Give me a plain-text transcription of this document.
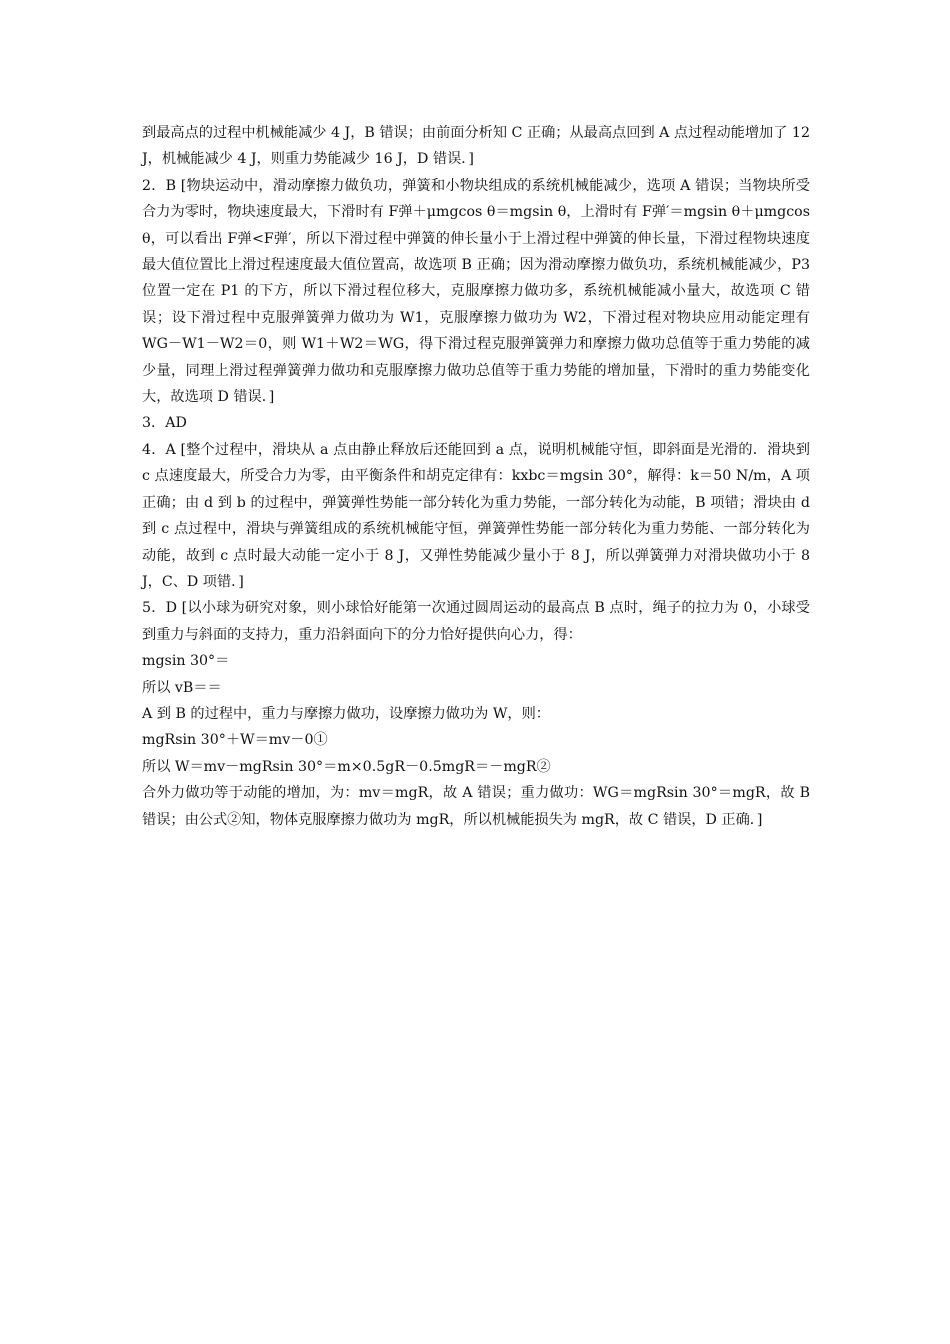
到最高点的过程中机械能减少 4 J，B 错误；由前面分析知 C 正确；从最高点回到 A 点过程动能增加了 12 J，机械能减少 4 J，则重力势能减少 16 J，D 错误．]

2．B [物块运动中，滑动摩擦力做负功，弹簧和小物块组成的系统机械能减少，选项 A 错误；当物块所受合力为零时，物块速度最大，下滑时有 F弹＋μmgcos θ＝mgsin θ，上滑时有 F弹′＝mgsin θ＋μmgcos θ，可以看出 F弹<F弹′，所以下滑过程中弹簧的伸长量小于上滑过程中弹簧的伸长量，下滑过程物块速度最大值位置比上滑过程速度最大值位置高，故选项 B 正确；因为滑动摩擦力做负功，系统机械能减少，P3 位置一定在 P1 的下方，所以下滑过程位移大，克服摩擦力做功多，系统机械能减小量大，故选项 C 错误；设下滑过程中克服弹簧弹力做功为 W1，克服摩擦力做功为 W2，下滑过程对物块应用动能定理有 WG－W1－W2＝0，则 W1＋W2＝WG，得下滑过程克服弹簧弹力和摩擦力做功总值等于重力势能的减少量，同理上滑过程弹簧弹力做功和克服摩擦力做功总值等于重力势能的增加量，下滑时的重力势能变化大，故选项 D 错误．]

3．AD

4．A [整个过程中，滑块从 a 点由静止释放后还能回到 a 点，说明机械能守恒，即斜面是光滑的．滑块到 c 点速度最大，所受合力为零，由平衡条件和胡克定律有：kxbc＝mgsin 30°，解得：k＝50 N/m，A 项正确；由 d 到 b 的过程中，弹簧弹性势能一部分转化为重力势能，一部分转化为动能，B 项错；滑块由 d 到 c 点过程中，滑块与弹簧组成的系统机械能守恒，弹簧弹性势能一部分转化为重力势能、一部分转化为动能，故到 c 点时最大动能一定小于 8 J，又弹性势能减少量小于 8 J，所以弹簧弹力对滑块做功小于 8 J，C、D 项错．]

5．D [以小球为研究对象，则小球恰好能第一次通过圆周运动的最高点 B 点时，绳子的拉力为 0，小球受到重力与斜面的支持力，重力沿斜面向下的分力恰好提供向心力，得：

mgsin 30°＝

所以 vB＝＝

A 到 B 的过程中，重力与摩擦力做功，设摩擦力做功为 W，则：

mgRsin 30°＋W＝mv－0①

所以 W＝mv－mgRsin 30°＝m×0.5gR－0.5mgR＝－mgR②

合外力做功等于动能的增加，为：mv＝mgR，故 A 错误；重力做功：WG＝mgRsin 30°＝mgR，故 B 错误；由公式②知，物体克服摩擦力做功为 mgR，所以机械能损失为 mgR，故 C 错误，D 正确．]
